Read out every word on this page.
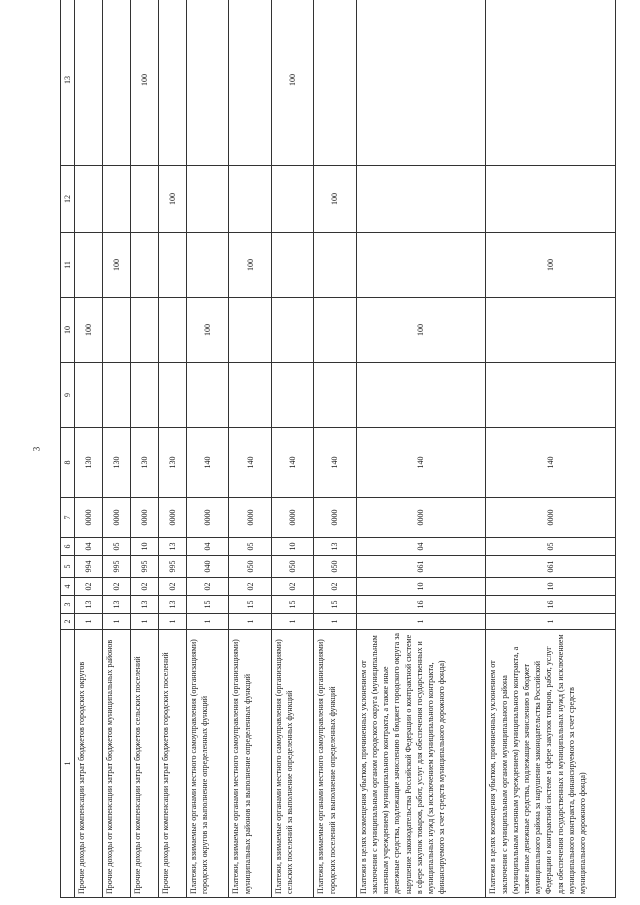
3
1	2	3	4	5	6	7	8	9	10	11	12	13
Прочие доходы от компенсации затрат бюджетов городских округов	1	13	02	994	04	0000	130		100			
Прочие доходы от компенсации затрат бюджетов муниципальных районов	1	13	02	995	05	0000	130			100		
Прочие доходы от компенсации затрат бюджетов сельских поселений	1	13	02	995	10	0000	130					100
Прочие доходы от компенсации затрат бюджетов городских поселений	1	13	02	995	13	0000	130				100	
Платежи, взимаемые органами местного самоуправления (организациями) городских округов за выполнение определенных функций	1	15	02	040	04	0000	140		100			
Платежи, взимаемые органами местного самоуправления (организациями) муниципальных районов за выполнение определенных функций	1	15	02	050	05	0000	140			100		
Платежи, взимаемые органами местного самоуправления (организациями) сельских поселений за выполнение определенных функций	1	15	02	050	10	0000	140					100
Платежи, взимаемые органами местного самоуправления (организациями) городских поселений за выполнение определенных функций	1	15	02	050	13	0000	140				100	
Платежи в целях возмещения убытков, причиненных уклонением от заключения с муниципальным органом городского округа (муниципальным казенным учреждением) муниципального контракта, а также иные денежные средства, подлежащие зачислению в бюджет городского округа за нарушение законодательства Российской Федерации о контрактной системе в сфере закупок товаров, работ, услуг для обеспечения государственных и муниципальных нужд (за исключением муниципального контракта, финансируемого за счет средств муниципального дорожного фонда)	1	16	10	061	04	0000	140		100			
Платежи в целях возмещения убытков, причиненных уклонением от заключения с муниципальным органом муниципального района (муниципальным казенным учреждением) муниципального контракта, а также иные денежные средства, подлежащие зачислению в бюджет муниципального района за нарушение законодательства Российской Федерации о контрактной системе в сфере закупок товаров, работ, услуг для обеспечения государственных и муниципальных нужд (за исключением муниципального контракта, финансируемого за счет средств муниципального дорожного фонда)	1	16	10	061	05	0000	140			100		
